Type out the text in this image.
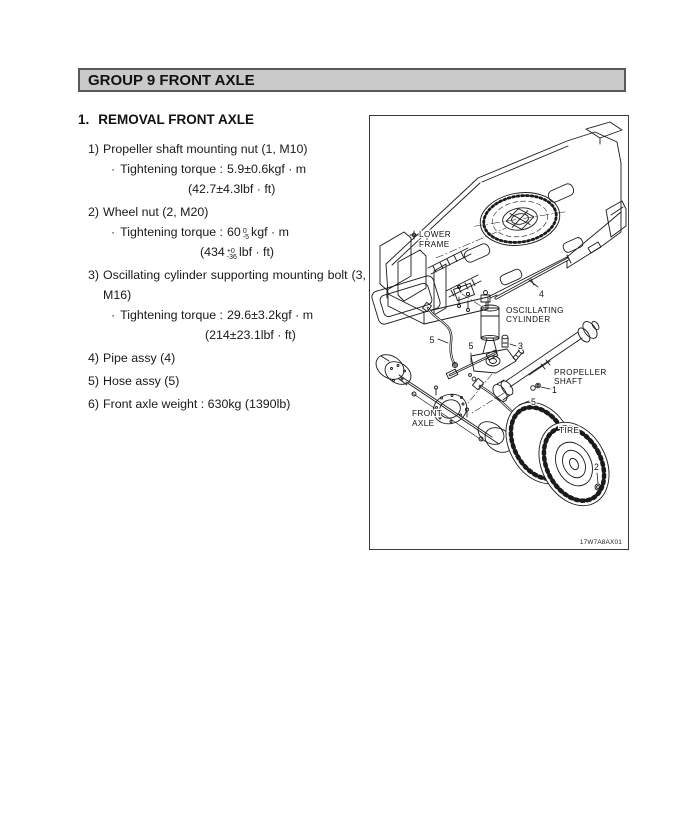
GROUP 9 FRONT AXLE
1. REMOVAL FRONT AXLE
1) Propeller shaft mounting nut (1, M10)
· Tightening torque : 5.9±0.6kgf · m
(42.7±4.3lbf · ft)
2) Wheel nut (2, M20)
· Tightening torque : 60 0
-5 kgf · m
(434 +0
-36 lbf · ft)
3) Oscillating cylinder supporting mounting bolt (3, M16)
· Tightening torque : 29.6±3.2kgf · m
(214±23.1lbf · ft)
4) Pipe assy (4)
5) Hose assy (5)
6) Front axle weight : 630kg (1390lb)
LOWER
FRAME
OSCILLATING
CYLINDER
PROPELLER
SHAFT
FRONT
AXLE
TIRE
4
3
5
5
5
1
2
17W7A8AX01
